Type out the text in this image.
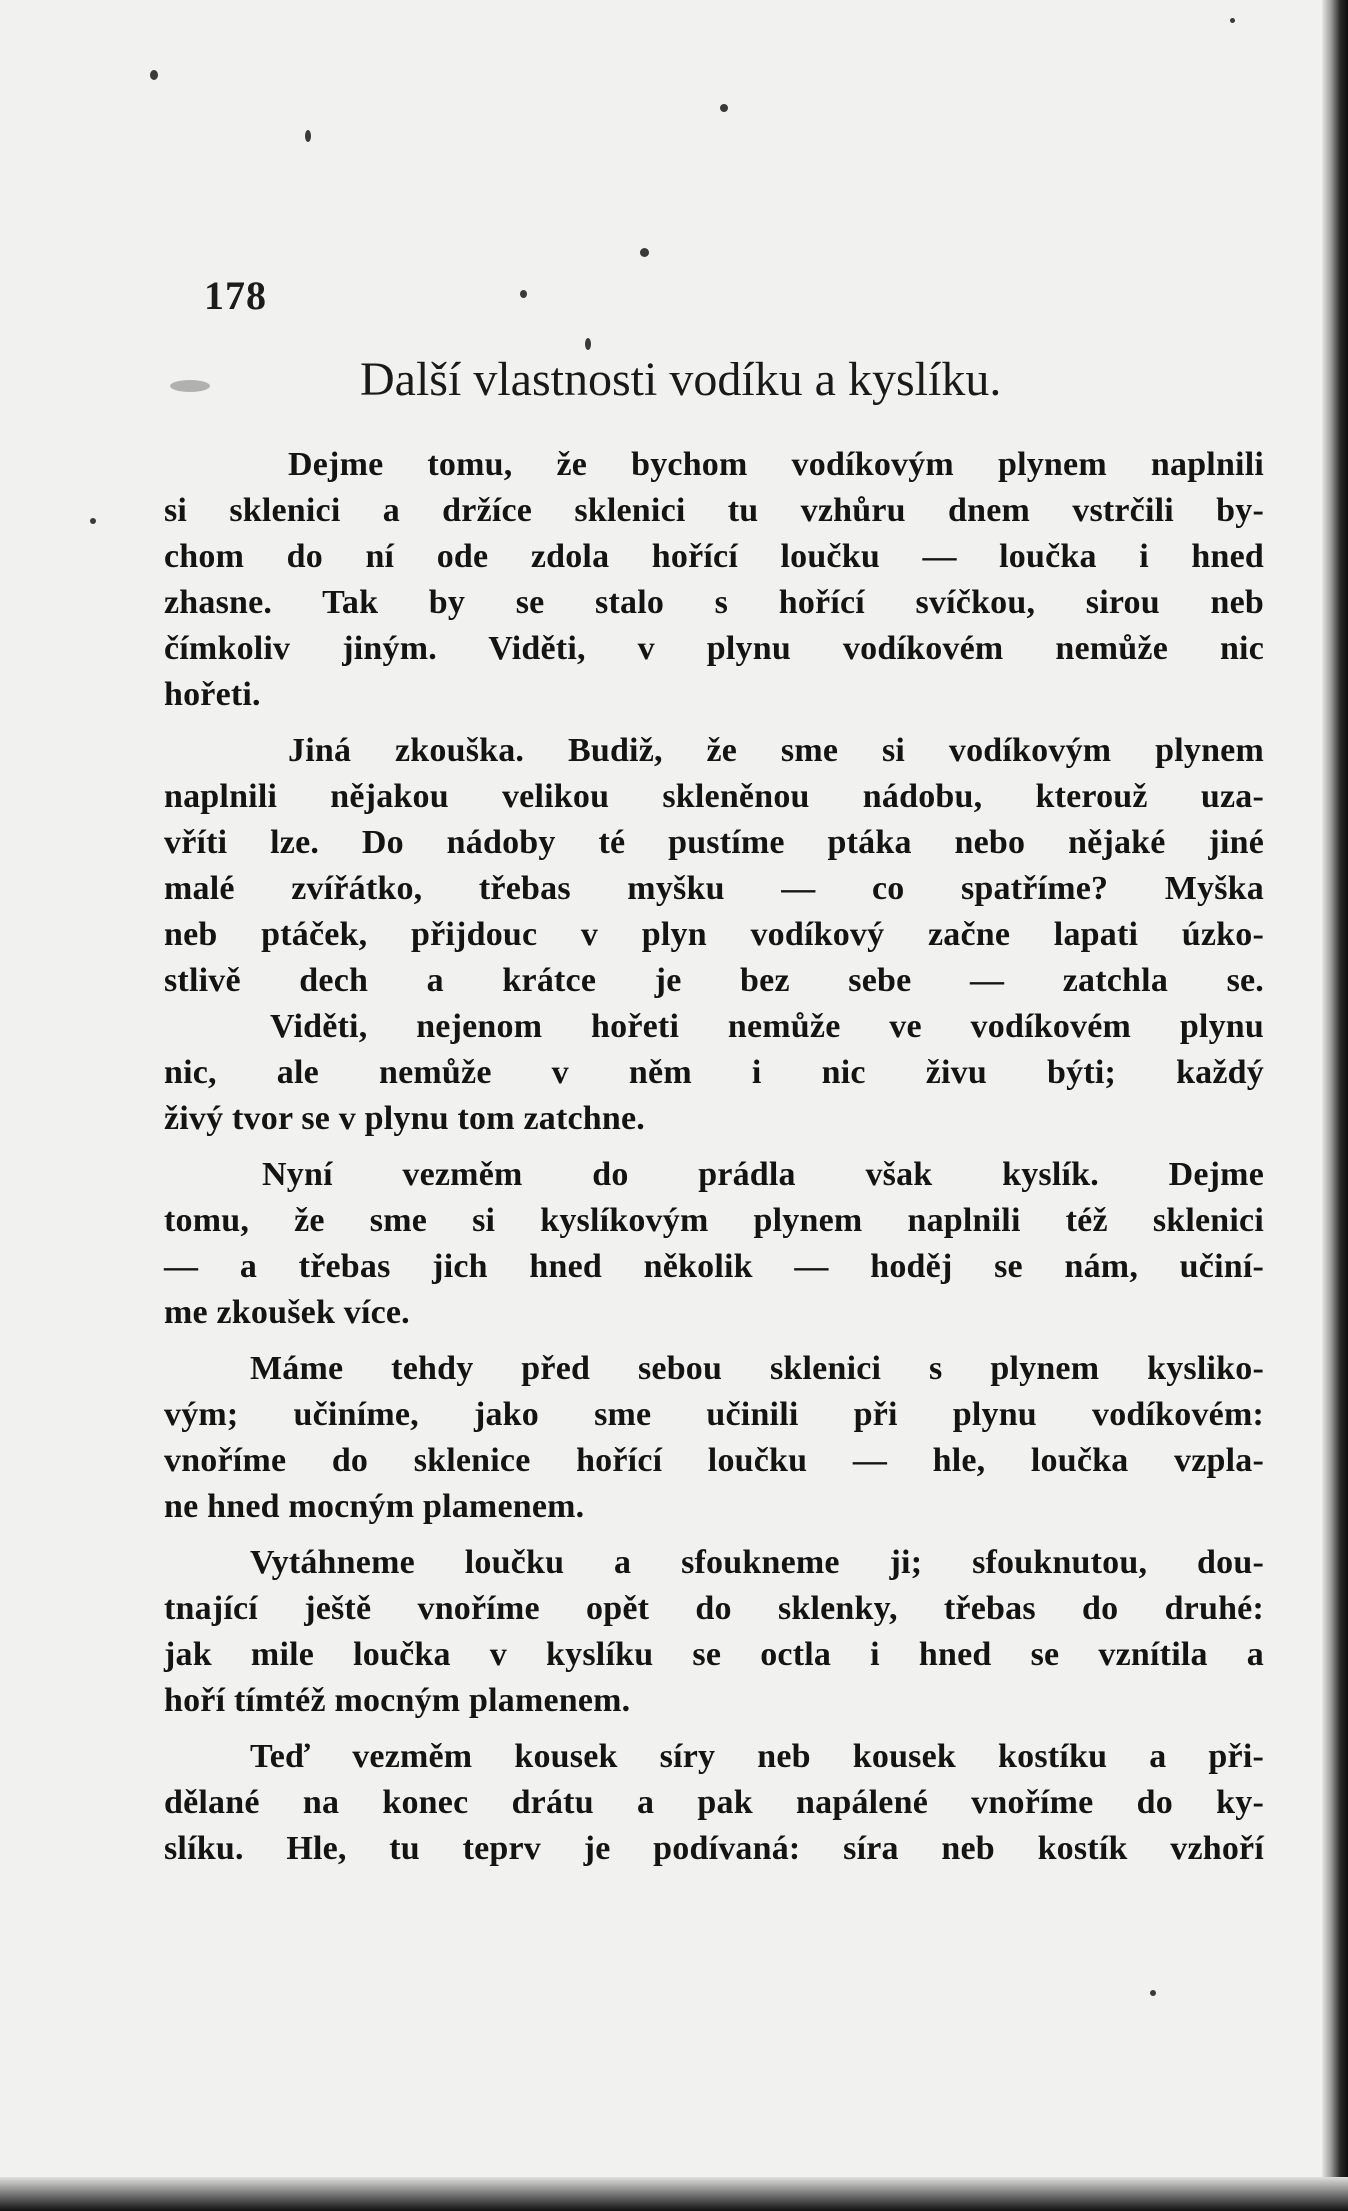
178
Další vlastnosti vodíku a kyslíku.
Dejme tomu, že bychom vodíkovým plynem naplnili
si sklenici a držíce sklenici tu vzhůru dnem vstrčili by-
chom do ní ode zdola hořící loučku — loučka i hned
zhasne. Tak by se stalo s hořící svíčkou, sirou neb
čímkoliv jiným. Viděti, v plynu vodíkovém nemůže nic
hořeti.
Jiná zkouška. Budiž, že sme si vodíkovým plynem
naplnili nějakou velikou skleněnou nádobu, kterouž uza-
vříti lze. Do nádoby té pustíme ptáka nebo nějaké jiné
malé zvířátko, třebas myšku — co spatříme? Myška
neb ptáček, přijdouc v plyn vodíkový začne lapati úzko-
stlivě dech a krátce je bez sebe — zatchla se.
Viděti, nejenom hořeti nemůže ve vodíkovém plynu
nic, ale nemůže v něm i nic živu býti; každý
živý tvor se v plynu tom zatchne.
Nyní vezměm do prádla však kyslík. Dejme
tomu, že sme si kyslíkovým plynem naplnili též sklenici
— a třebas jich hned několik — hoděj se nám, učiní-
me zkoušek více.
Máme tehdy před sebou sklenici s plynem kysliko-
vým; učiníme, jako sme učinili při plynu vodíkovém:
vnoříme do sklenice hořící loučku — hle, loučka vzpla-
ne hned mocným plamenem.
Vytáhneme loučku a sfoukneme ji; sfouknutou, dou-
tnající ještě vnoříme opět do sklenky, třebas do druhé:
jak mile loučka v kyslíku se octla i hned se vznítila a
hoří tímtéž mocným plamenem.
Teď vezměm kousek síry neb kousek kostíku a při-
dělané na konec drátu a pak napálené vnoříme do ky-
slíku. Hle, tu teprv je podívaná: síra neb kostík vzhoří
